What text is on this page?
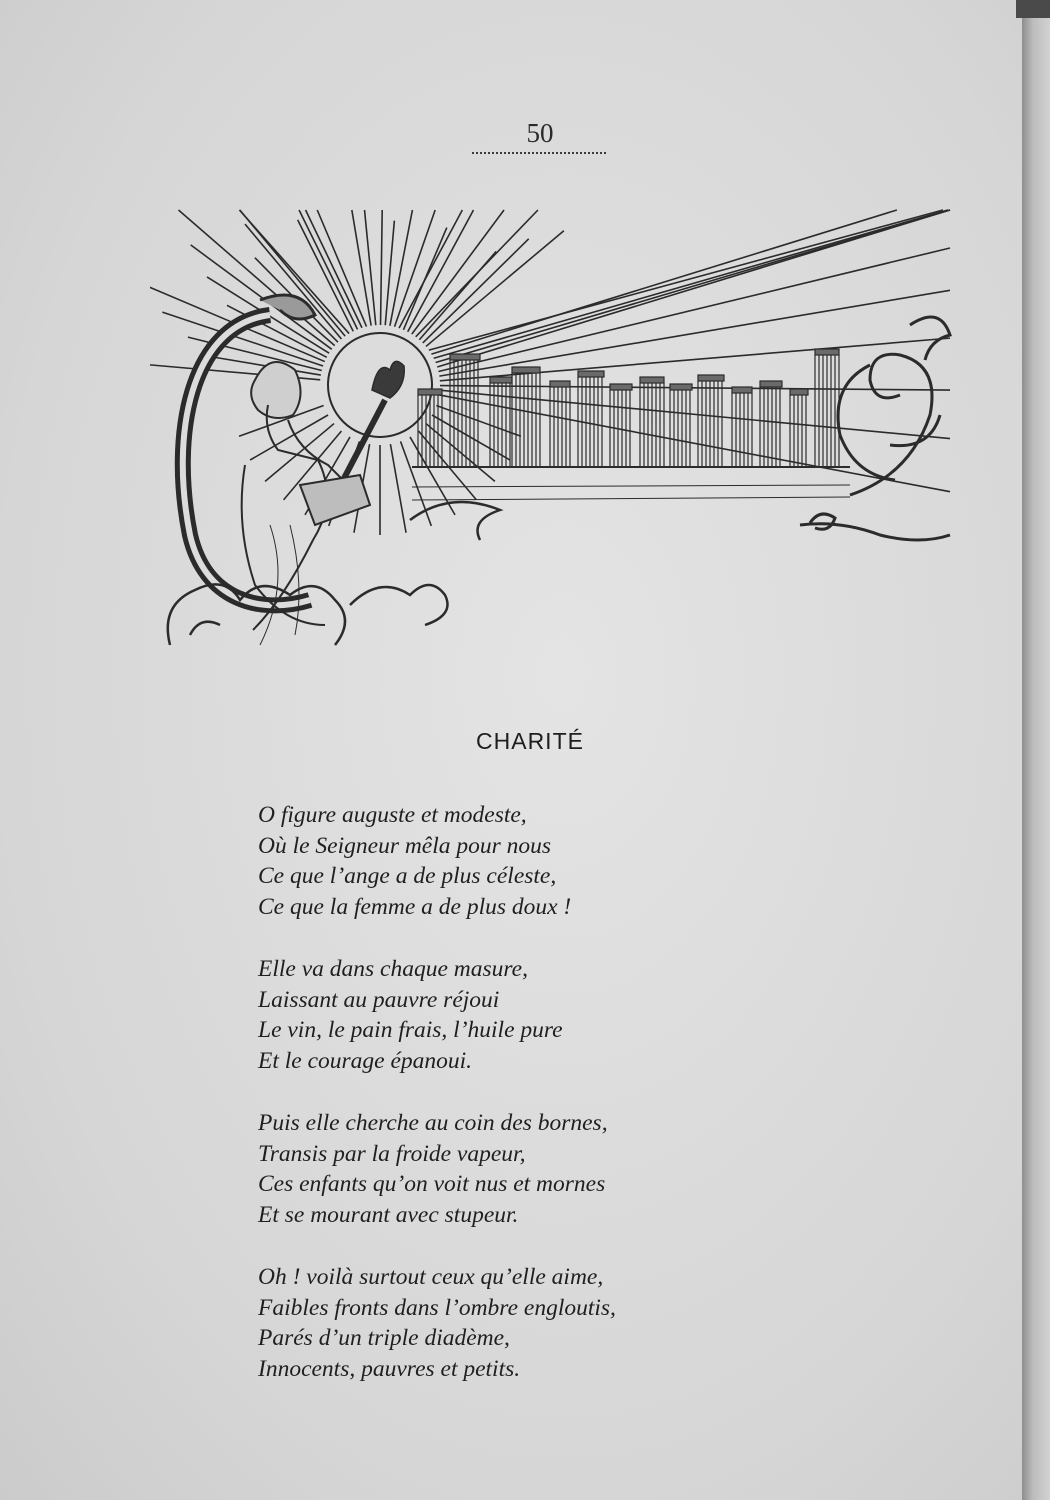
50
CHARITÉ
O figure auguste et modeste,
Où le Seigneur mêla pour nous
Ce que l’ange a de plus céleste,
Ce que la femme a de plus doux !
Elle va dans chaque masure,
Laissant au pauvre réjoui
Le vin, le pain frais, l’huile pure
Et le courage épanoui.
Puis elle cherche au coin des bornes,
Transis par la froide vapeur,
Ces enfants qu’on voit nus et mornes
Et se mourant avec stupeur.
Oh ! voilà surtout ceux qu’elle aime,
Faibles fronts dans l’ombre engloutis,
Parés d’un triple diadème,
Innocents, pauvres et petits.
